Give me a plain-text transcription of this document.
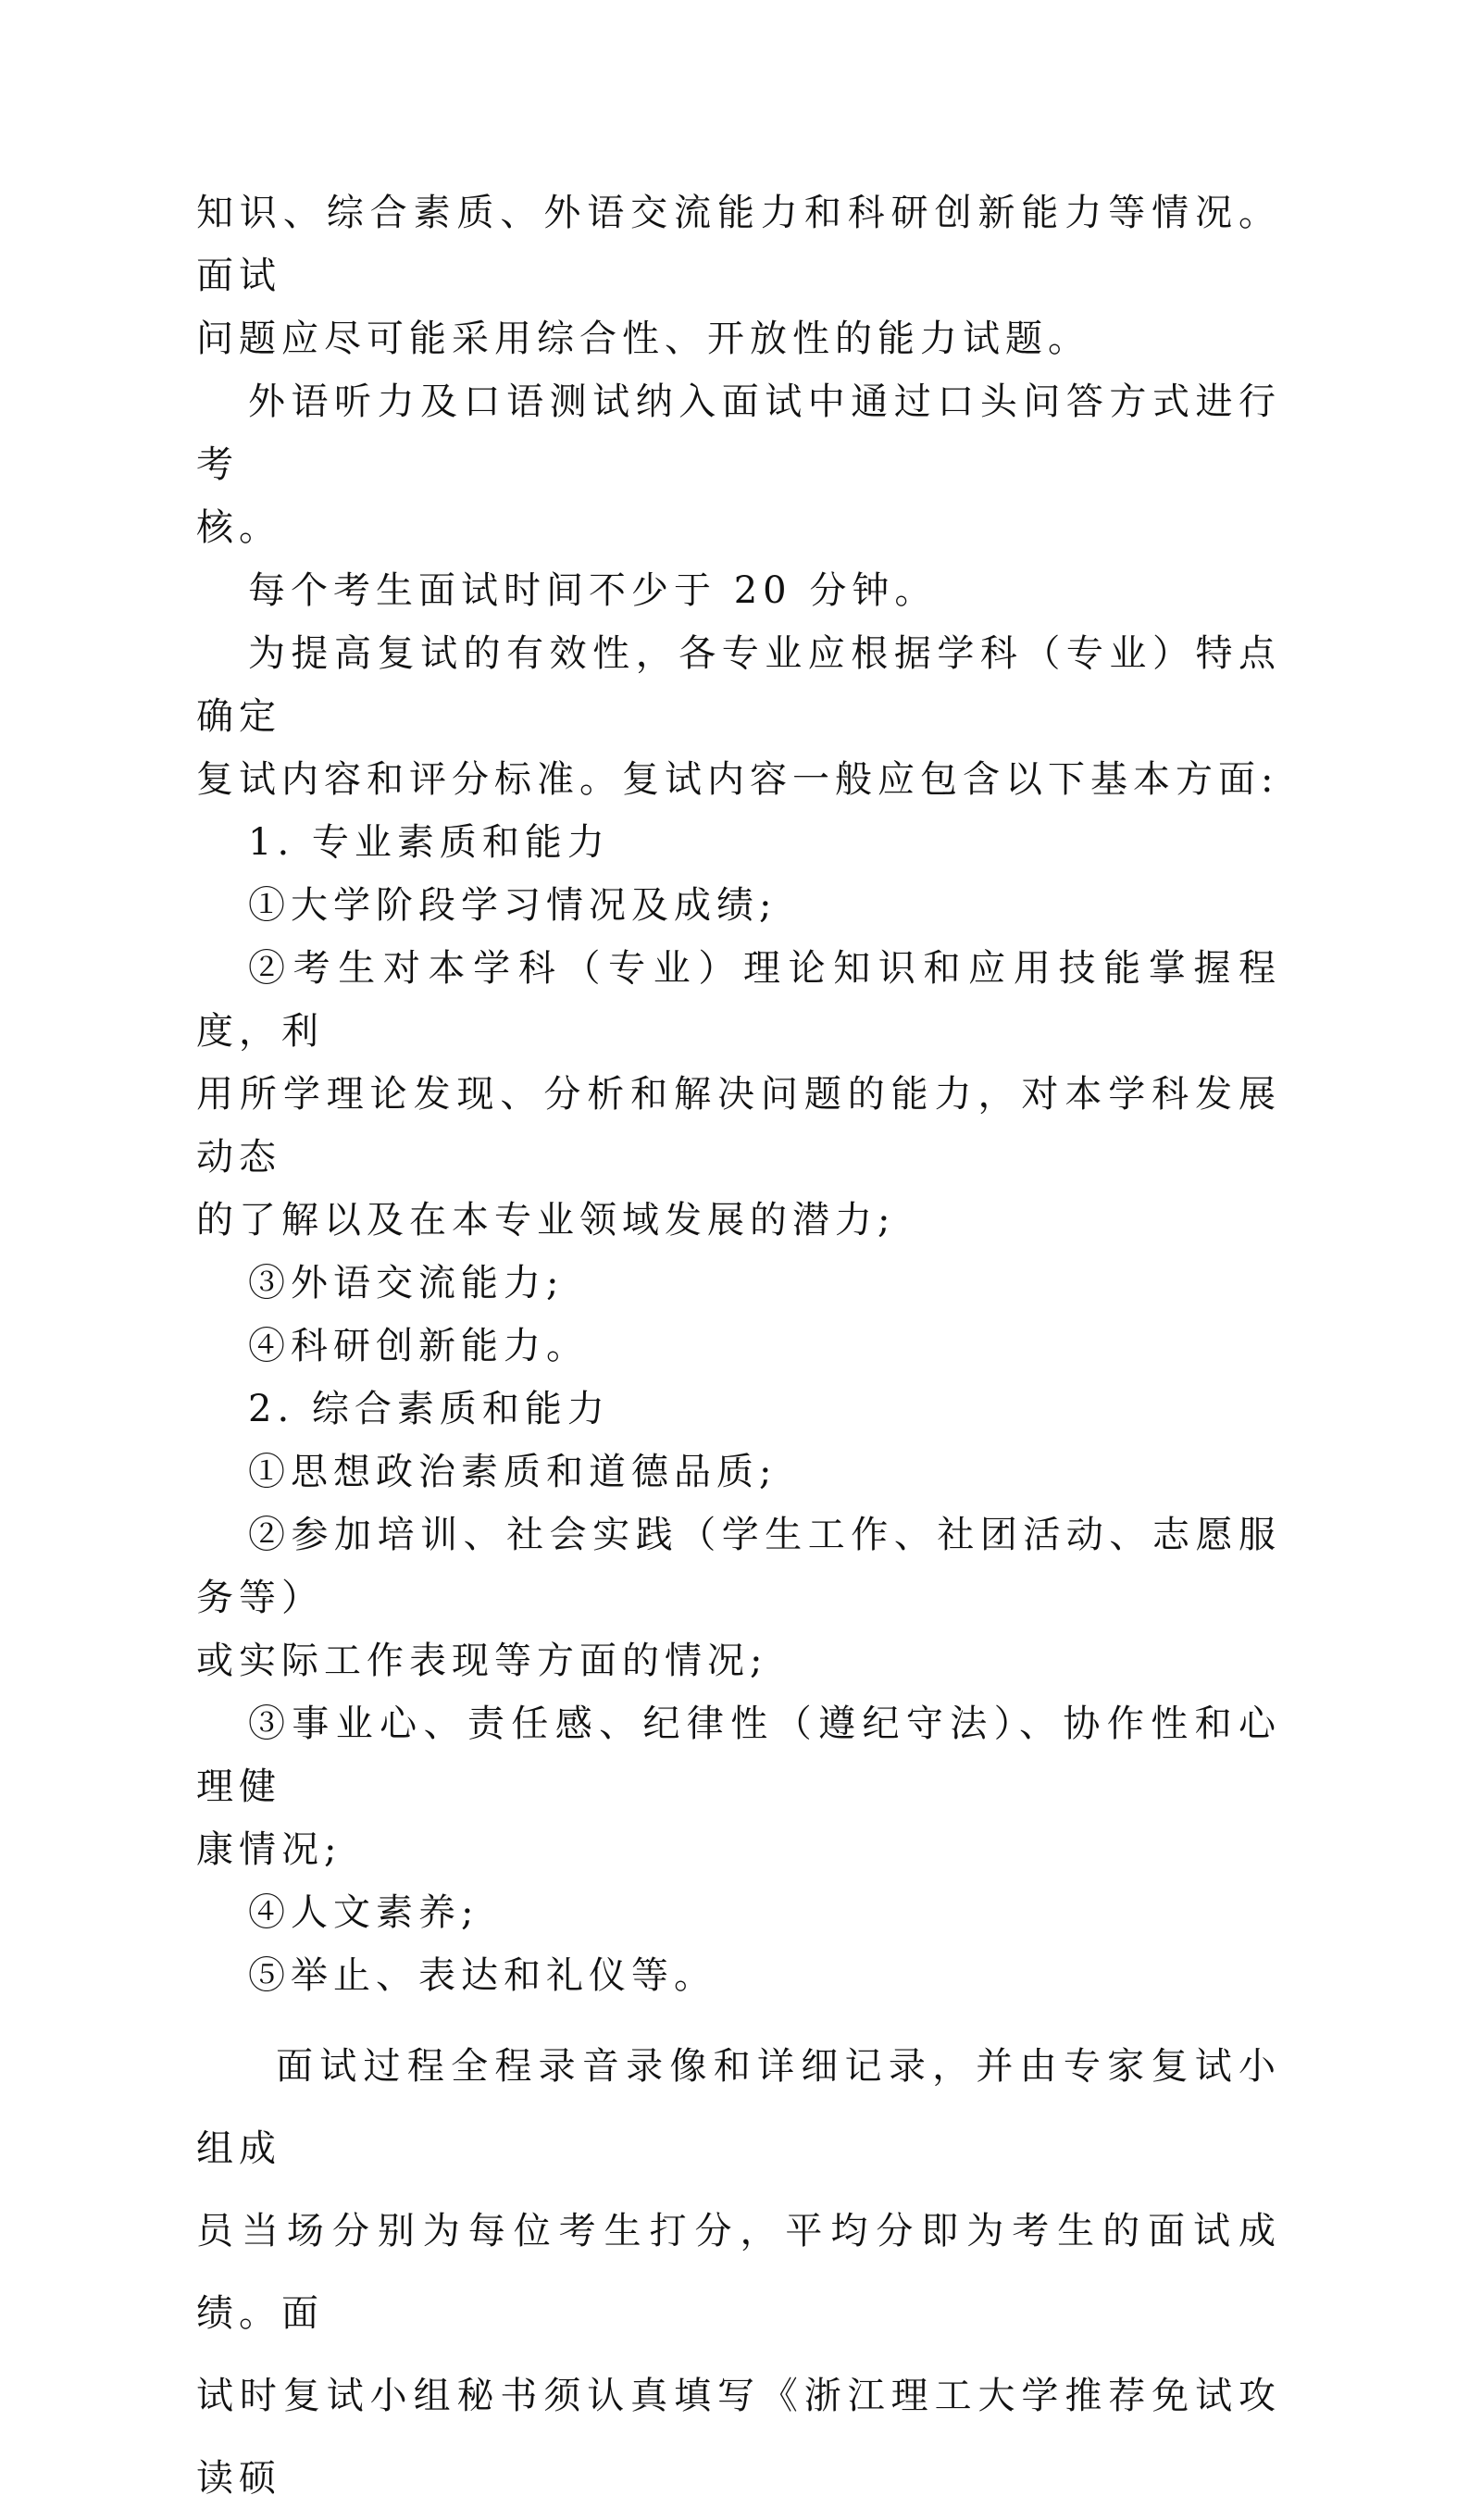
知识、综合素质、外语交流能力和科研创新能力等情况。面试
问题应尽可能采用综合性、开放性的能力试题。

外语听力及口语测试纳入面试中通过口头问答方式进行考
核。

每个考生面试时间不少于 20 分钟。

为提高复试的有效性，各专业应根据学科（专业）特点确定
复试内容和评分标准。复试内容一般应包含以下基本方面:

1. 专业素质和能力

①大学阶段学习情况及成绩;

②考生对本学科（专业）理论知识和应用技能掌握程度，利
用所学理论发现、分析和解决问题的能力，对本学科发展动态
的了解以及在本专业领域发展的潜力;

③外语交流能力;

④科研创新能力。

2. 综合素质和能力

①思想政治素质和道德品质;

②参加培训、社会实践（学生工作、社团活动、志愿服务等）
或实际工作表现等方面的情况;

③事业心、责任感、纪律性（遵纪守法）、协作性和心理健
康情况;

④人文素养;

⑤举止、表达和礼仪等。

面试过程全程录音录像和详细记录，并由专家复试小组成
员当场分别为每位考生打分，平均分即为考生的面试成绩。面
试时复试小组秘书须认真填写《浙江理工大学推荐免试攻读硕
